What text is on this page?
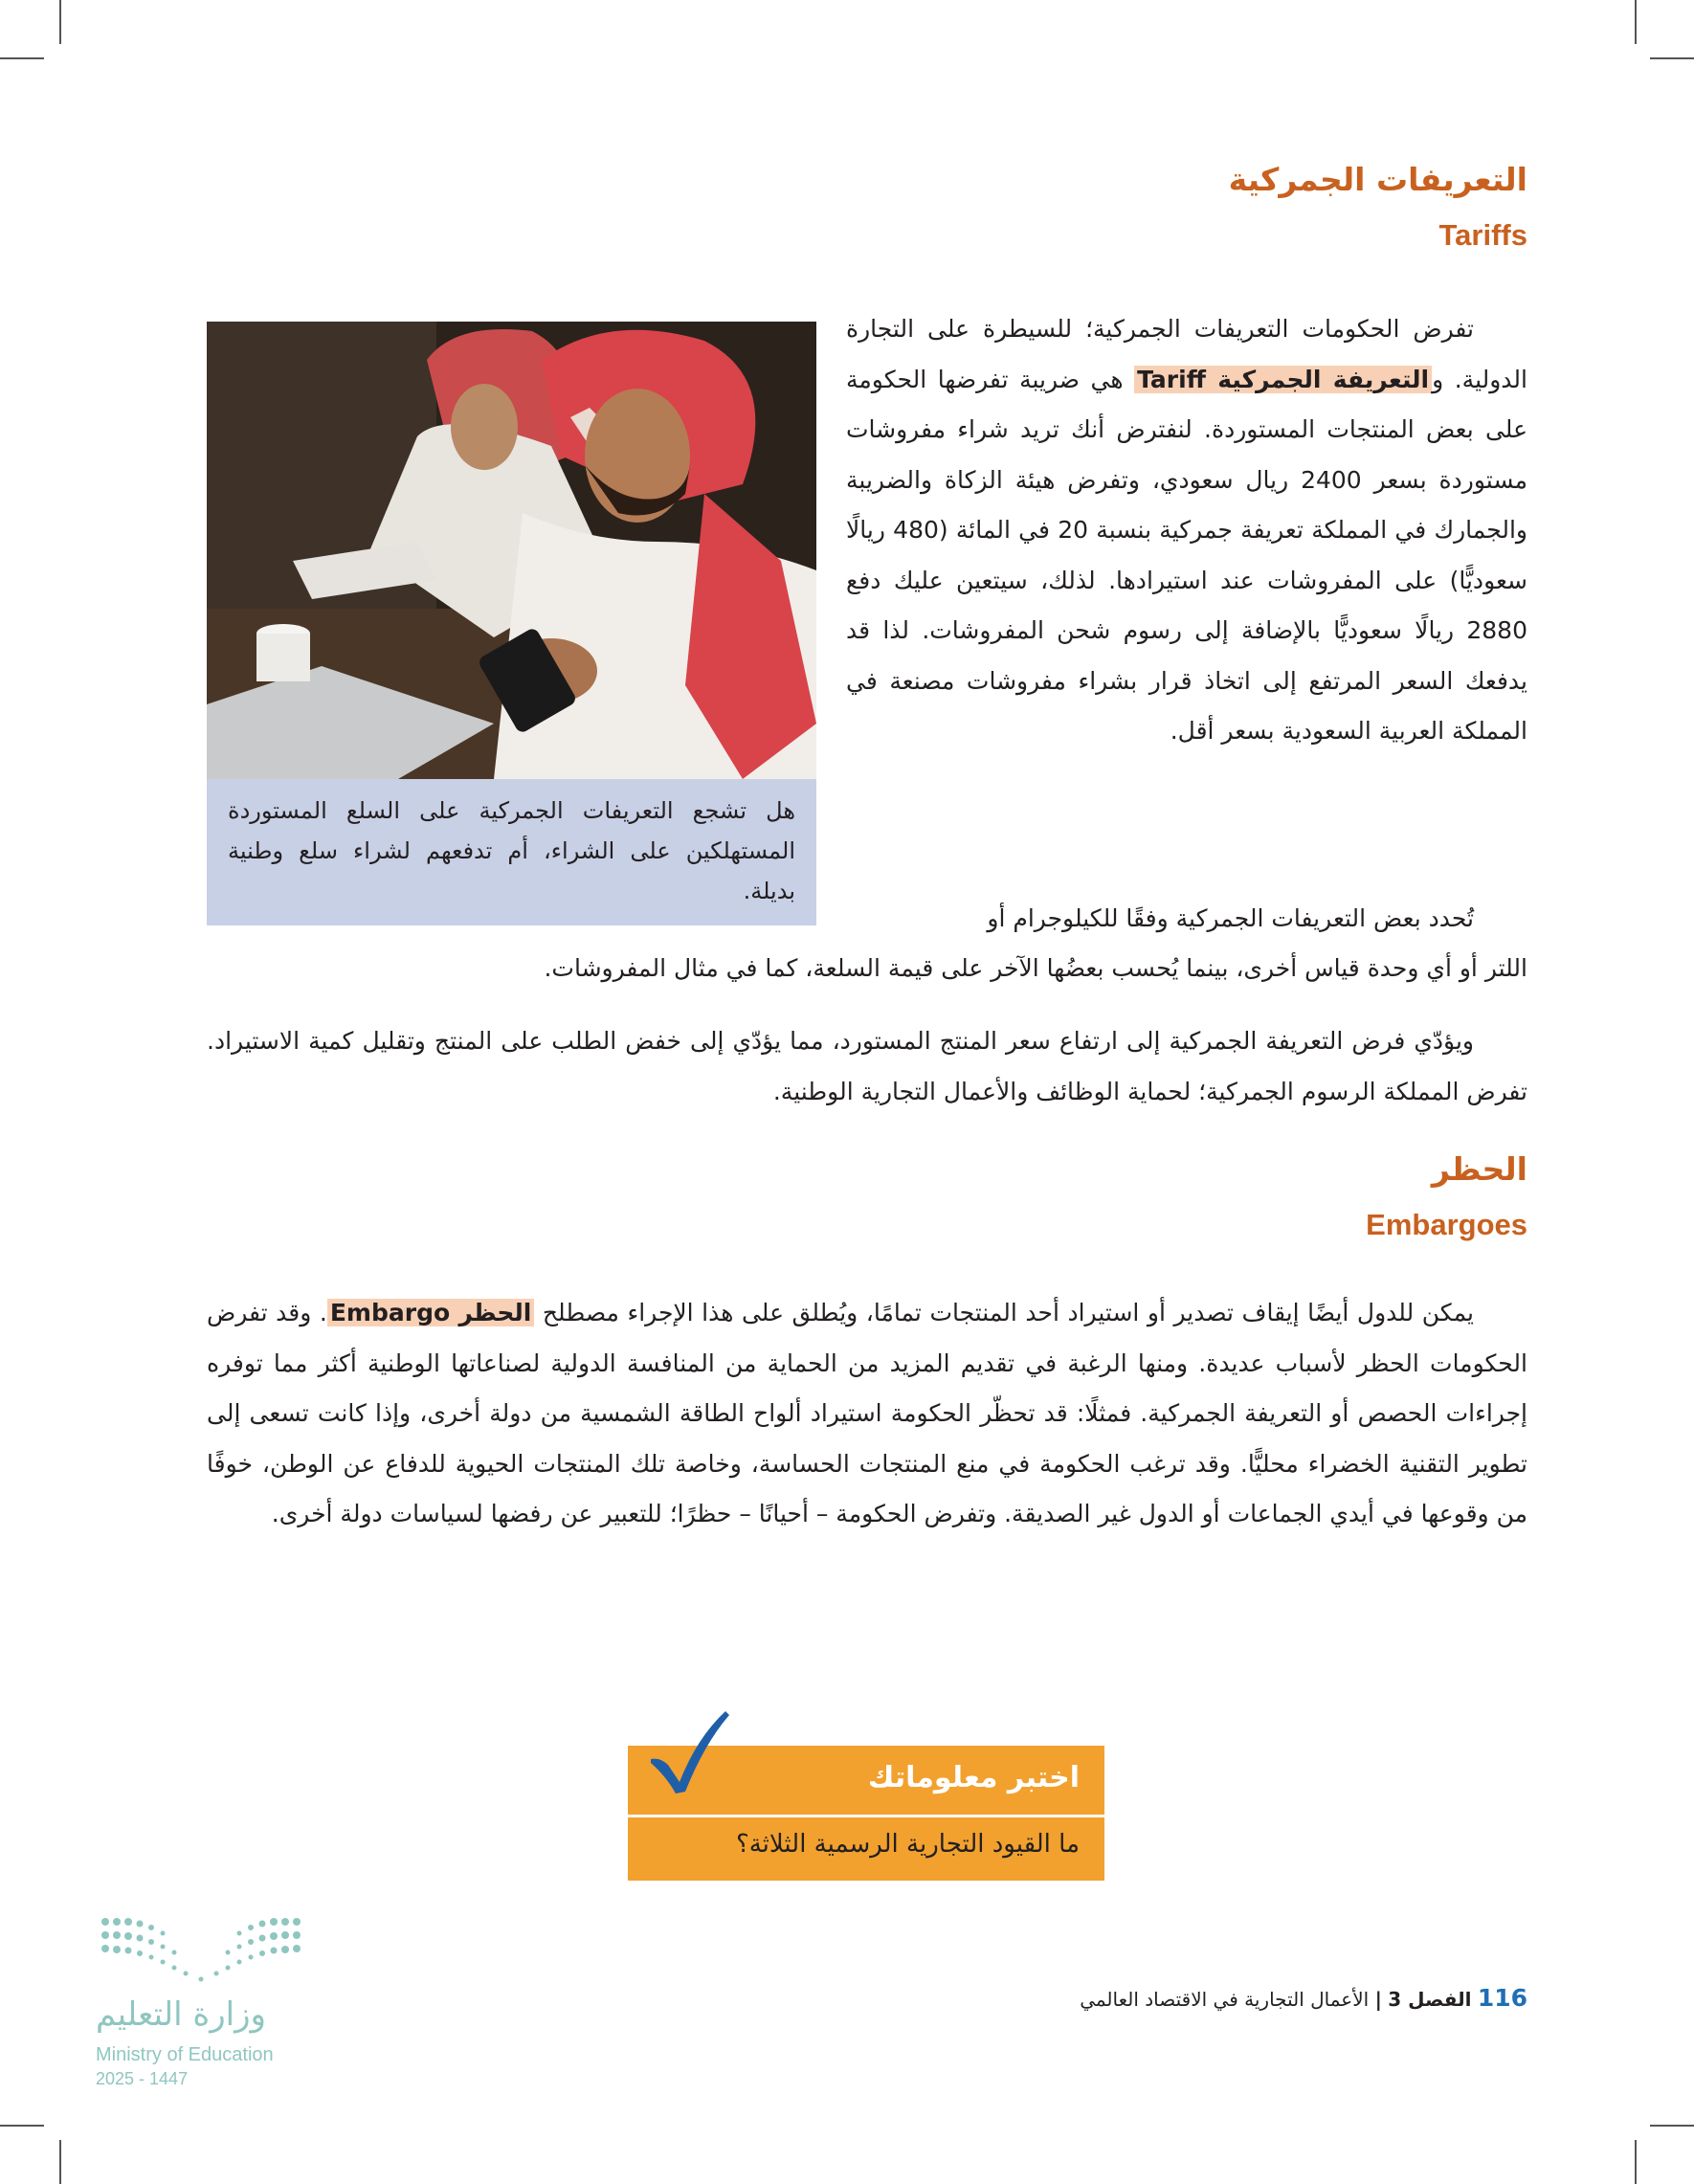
التعريفات الجمركية
Tariffs

هل تشجع التعريفات الجمركية على السلع المستوردة المستهلكين على الشراء، أم تدفعهم لشراء سلع وطنية بديلة.

تفرض الحكومات التعريفات الجمركية؛ للسيطرة على التجارة الدولية. والتعريفة الجمركية Tariff هي ضريبة تفرضها الحكومة على بعض المنتجات المستوردة. لنفترض أنك تريد شراء مفروشات مستوردة بسعر 2400 ريال سعودي، وتفرض هيئة الزكاة والضريبة والجمارك في المملكة تعريفة جمركية بنسبة 20 في المائة (480 ريالًا سعوديًّا) على المفروشات عند استيرادها. لذلك، سيتعين عليك دفع 2880 ريالًا سعوديًّا بالإضافة إلى رسوم شحن المفروشات. لذا قد يدفعك السعر المرتفع إلى اتخاذ قرار بشراء مفروشات مصنعة في المملكة العربية السعودية بسعر أقل.

تُحدد بعض التعريفات الجمركية وفقًا للكيلوجرام أو

اللتر أو أي وحدة قياس أخرى، بينما يُحسب بعضُها الآخر على قيمة السلعة، كما في مثال المفروشات.

ويؤدّي فرض التعريفة الجمركية إلى ارتفاع سعر المنتج المستورد، مما يؤدّي إلى خفض الطلب على المنتج وتقليل كمية الاستيراد. تفرض المملكة الرسوم الجمركية؛ لحماية الوظائف والأعمال التجارية الوطنية.

الحظر
Embargoes

يمكن للدول أيضًا إيقاف تصدير أو استيراد أحد المنتجات تمامًا، ويُطلق على هذا الإجراء مصطلح الحظر Embargo. وقد تفرض الحكومات الحظر لأسباب عديدة. ومنها الرغبة في تقديم المزيد من الحماية من المنافسة الدولية لصناعاتها الوطنية أكثر مما توفره إجراءات الحصص أو التعريفة الجمركية. فمثلًا: قد تحظّر الحكومة استيراد ألواح الطاقة الشمسية من دولة أخرى، وإذا كانت تسعى إلى تطوير التقنية الخضراء محليًّا. وقد ترغب الحكومة في منع المنتجات الحساسة، وخاصة تلك المنتجات الحيوية للدفاع عن الوطن، خوفًا من وقوعها في أيدي الجماعات أو الدول غير الصديقة. وتفرض الحكومة – أحيانًا – حظرًا؛ للتعبير عن رفضها لسياسات دولة أخرى.

اختبر معلوماتك
ما القيود التجارية الرسمية الثلاثة؟
116 الفصل 3 | الأعمال التجارية في الاقتصاد العالمي
وزارة التعليم
Ministry of Education
2025 - 1447
